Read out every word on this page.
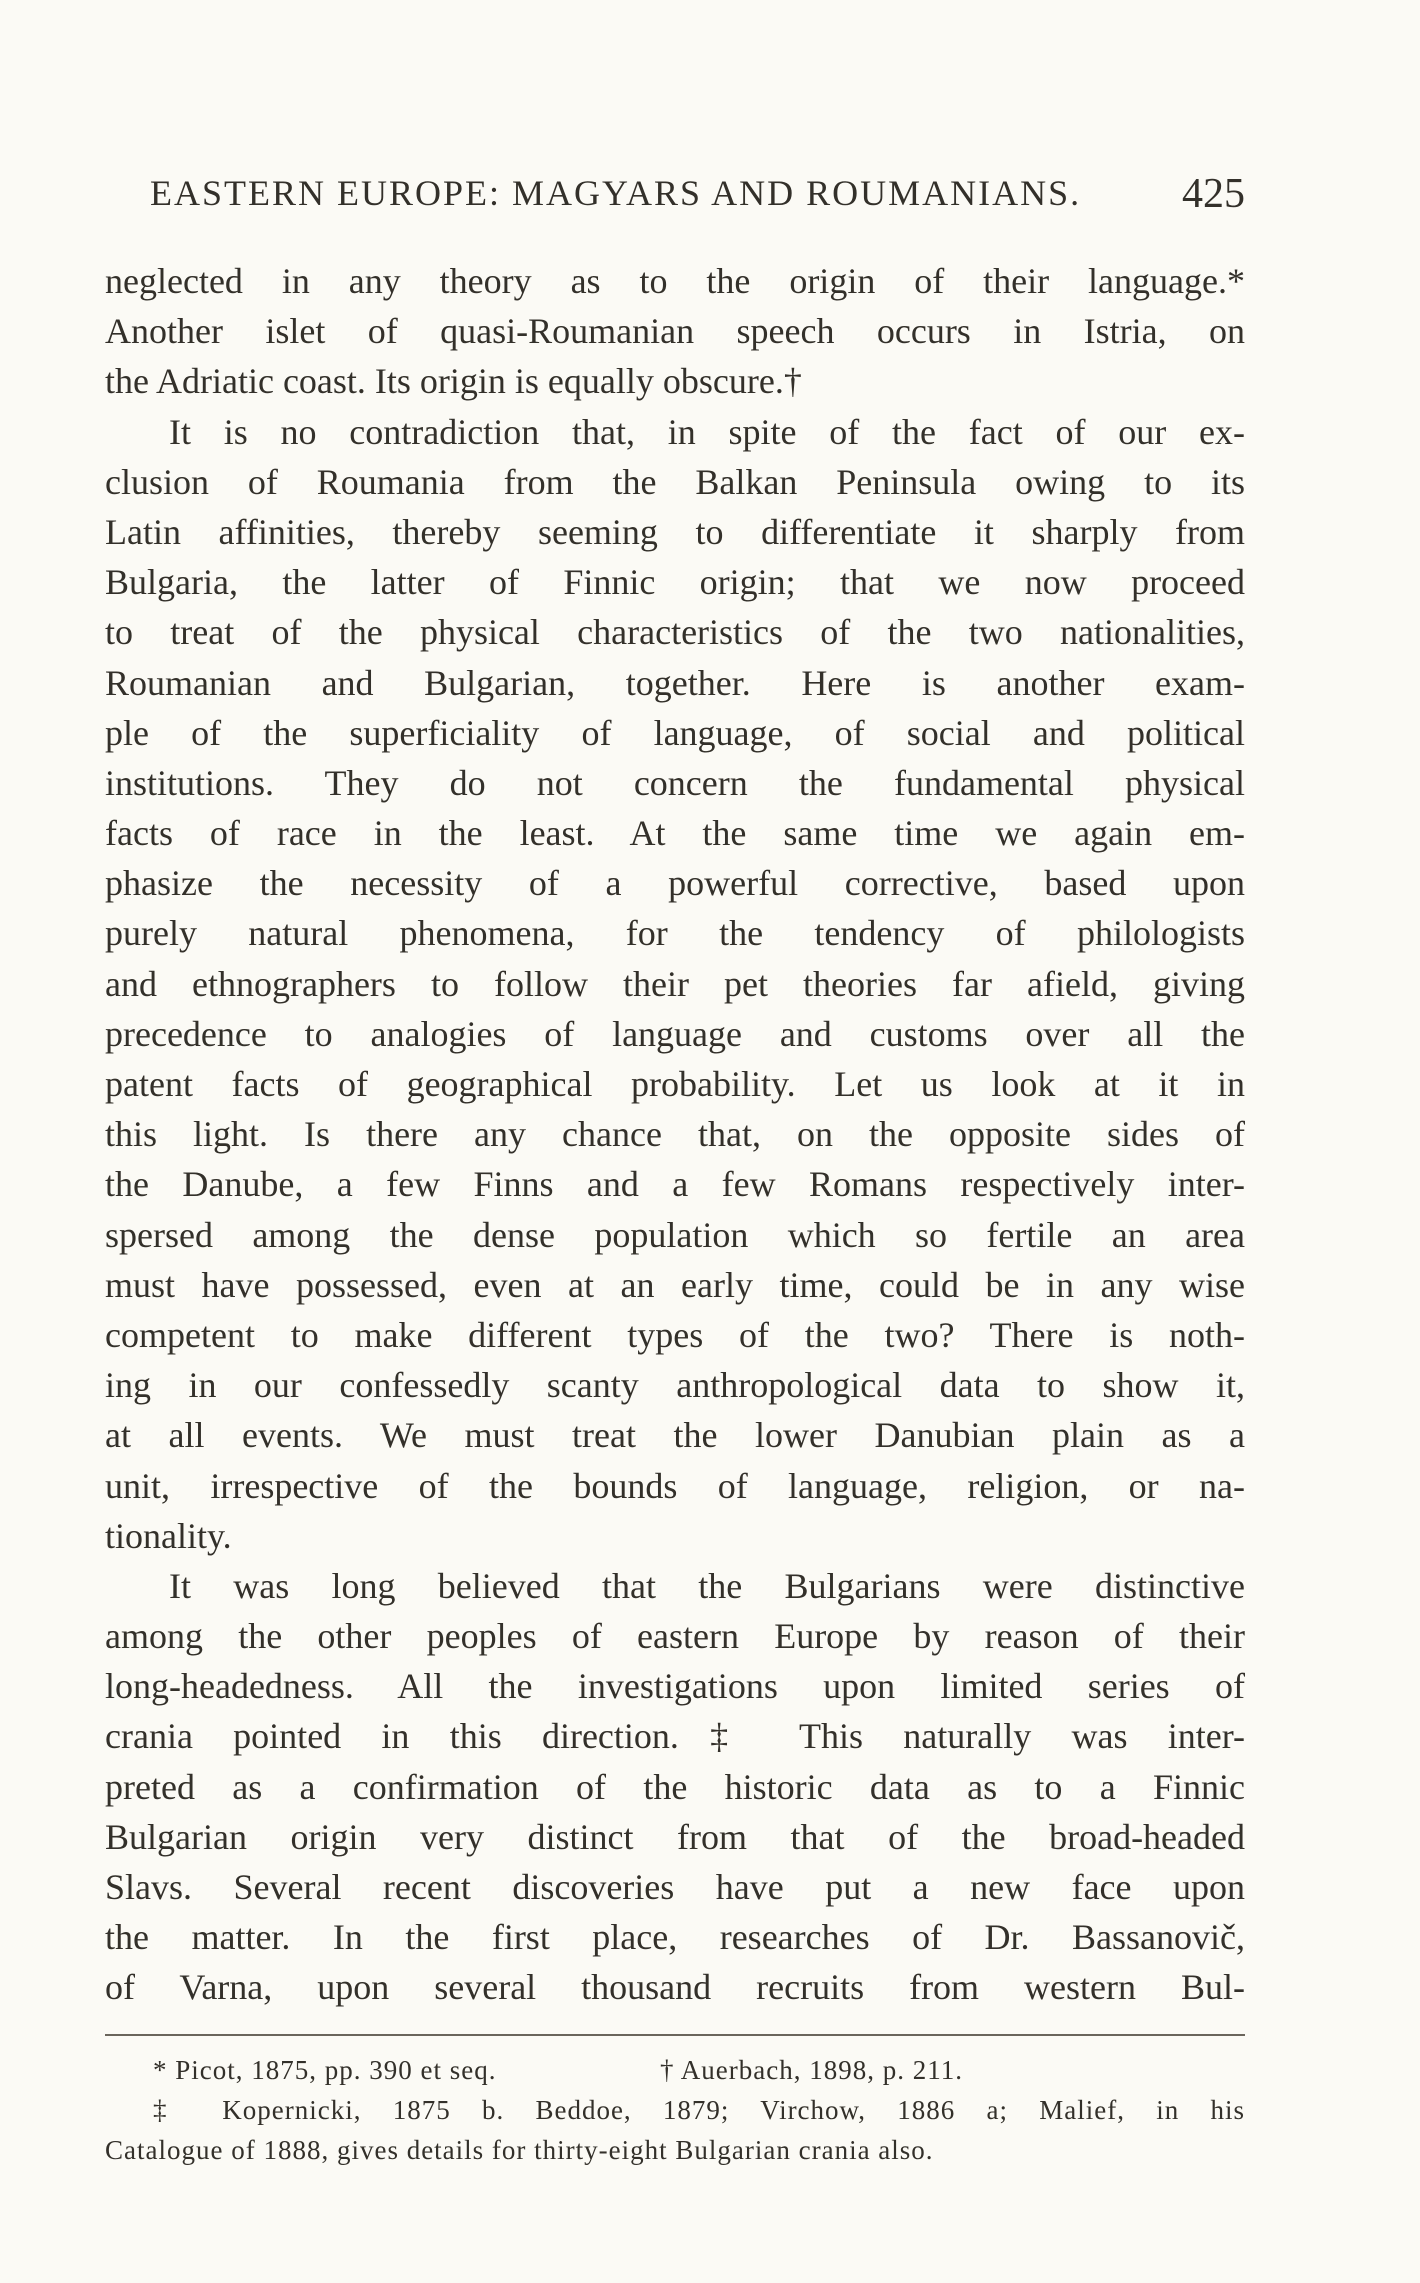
EASTERN EUROPE: MAGYARS AND ROUMANIANS. 425
neglected in any theory as to the origin of their language.*
Another islet of quasi-Roumanian speech occurs in Istria, on
the Adriatic coast. Its origin is equally obscure.†
It is no contradiction that, in spite of the fact of our ex-
clusion of Roumania from the Balkan Peninsula owing to its
Latin affinities, thereby seeming to differentiate it sharply from
Bulgaria, the latter of Finnic origin; that we now proceed
to treat of the physical characteristics of the two nationalities,
Roumanian and Bulgarian, together. Here is another exam-
ple of the superficiality of language, of social and political
institutions. They do not concern the fundamental physical
facts of race in the least. At the same time we again em-
phasize the necessity of a powerful corrective, based upon
purely natural phenomena, for the tendency of philologists
and ethnographers to follow their pet theories far afield, giving
precedence to analogies of language and customs over all the
patent facts of geographical probability. Let us look at it in
this light. Is there any chance that, on the opposite sides of
the Danube, a few Finns and a few Romans respectively inter-
spersed among the dense population which so fertile an area
must have possessed, even at an early time, could be in any wise
competent to make different types of the two? There is noth-
ing in our confessedly scanty anthropological data to show it,
at all events. We must treat the lower Danubian plain as a
unit, irrespective of the bounds of language, religion, or na-
tionality.
It was long believed that the Bulgarians were distinctive
among the other peoples of eastern Europe by reason of their
long-headedness. All the investigations upon limited series of
crania pointed in this direction.‡ This naturally was inter-
preted as a confirmation of the historic data as to a Finnic
Bulgarian origin very distinct from that of the broad-headed
Slavs. Several recent discoveries have put a new face upon
the matter. In the first place, researches of Dr. Bassanovič,
of Varna, upon several thousand recruits from western Bul-
* Picot, 1875, pp. 390 et seq.	† Auerbach, 1898, p. 211.
‡ Kopernicki, 1875 b. Beddoe, 1879; Virchow, 1886 a; Malief, in his
Catalogue of 1888, gives details for thirty-eight Bulgarian crania also.
